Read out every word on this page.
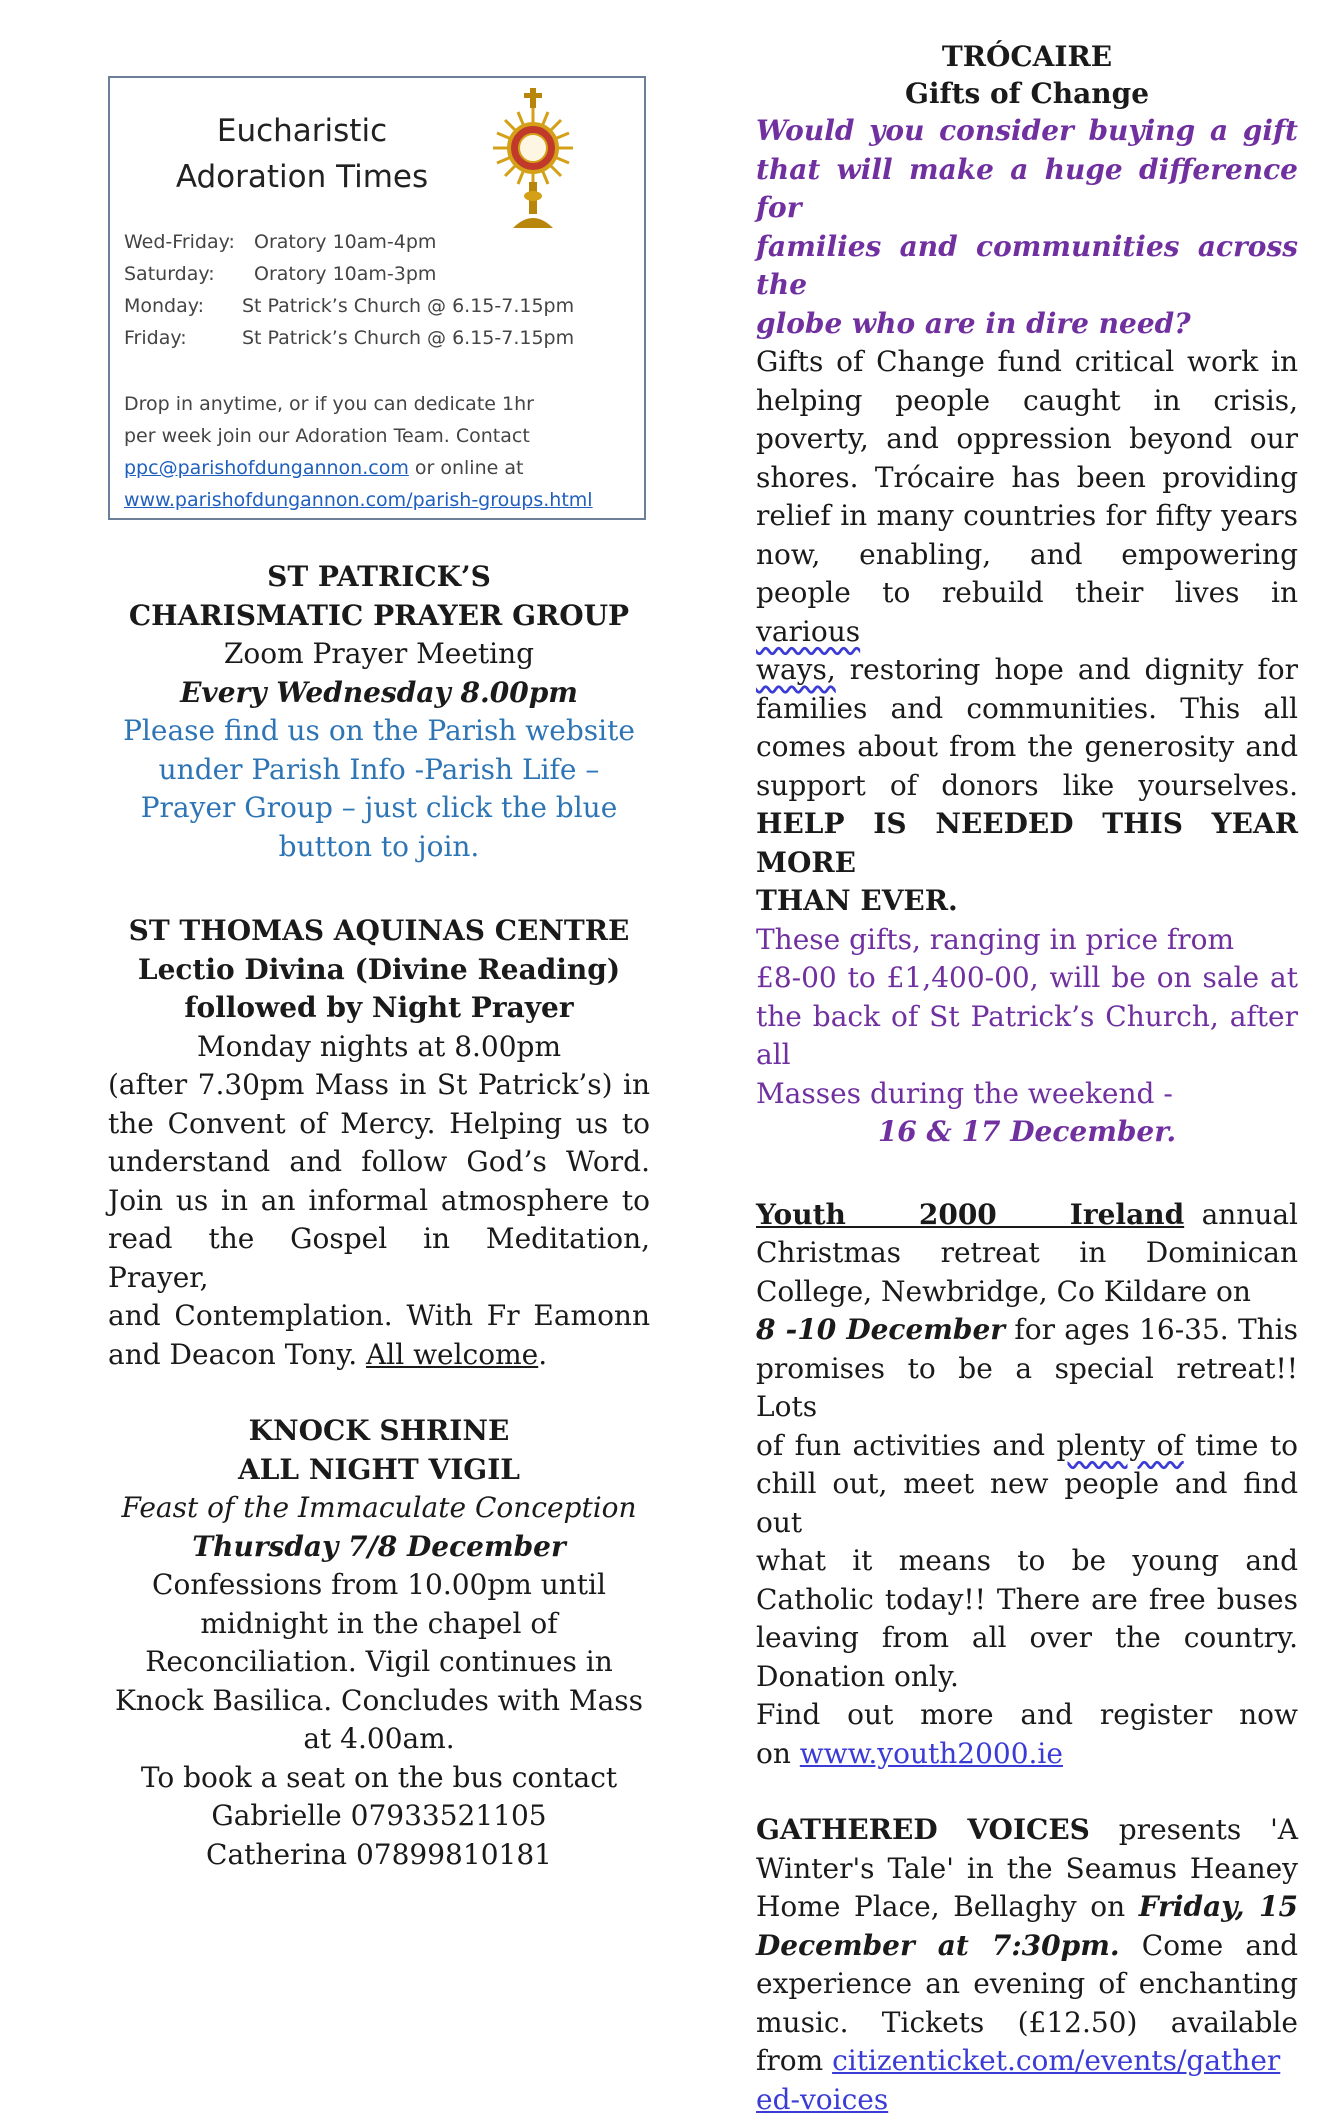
Eucharistic
Adoration Times
Wed-Friday:	Oratory 10am-4pm
Saturday:	Oratory 10am-3pm
Monday:	St Patrick’s Church @ 6.15-7.15pm
Friday:	St Patrick’s Church @ 6.15-7.15pm
Drop in anytime, or if you can dedicate 1hr
per week join our Adoration Team. Contact
ppc@parishofdungannon.com or online at
www.parishofdungannon.com/parish-groups.html
ST PATRICK’S
CHARISMATIC PRAYER GROUP
Zoom Prayer Meeting
Every Wednesday 8.00pm
Please find us on the Parish website
under Parish Info -Parish Life –
Prayer Group – just click the blue
button to join.
ST THOMAS AQUINAS CENTRE
Lectio Divina (Divine Reading)
followed by Night Prayer
Monday nights at 8.00pm
(after 7.30pm Mass in St Patrick’s) in
the Convent of Mercy. Helping us to
understand and follow God’s Word.
Join us in an informal atmosphere to
read the Gospel in Meditation, Prayer,
and Contemplation. With Fr Eamonn
and Deacon Tony. All welcome.
KNOCK SHRINE
ALL NIGHT VIGIL
Feast of the Immaculate Conception
Thursday 7/8 December
Confessions from 10.00pm until
midnight in the chapel of
Reconciliation. Vigil continues in
Knock Basilica. Concludes with Mass
at 4.00am.
To book a seat on the bus contact
Gabrielle 07933521105
Catherina 07899810181
TRÓCAIRE
Gifts of Change
Would you consider buying a gift
that will make a huge difference for
families and communities across the
globe who are in dire need?
Gifts of Change fund critical work in
helping people caught in crisis,
poverty, and oppression beyond our
shores. Trócaire has been providing
relief in many countries for fifty years
now, enabling, and empowering
people to rebuild their lives in various
ways, restoring hope and dignity for
families and communities. This all
comes about from the generosity and
support of donors like yourselves.
HELP IS NEEDED THIS YEAR MORE
THAN EVER.
These gifts, ranging in price from
£8-00 to £1,400-00, will be on sale at
the back of St Patrick’s Church, after all
Masses during the weekend -
16 & 17 December.
Youth    2000    Ireland annual
Christmas retreat in Dominican
College, Newbridge, Co Kildare on
8 -10 December for ages 16-35. This
promises to be a special retreat!! Lots
of fun activities and plenty of time to
chill out, meet new people and find out
what it means to be young and
Catholic today!! There are free buses
leaving from all over the country.
Donation only.
Find out more and register now
on www.youth2000.ie
GATHERED VOICES presents 'A
Winter's Tale' in the Seamus Heaney
Home Place, Bellaghy on Friday, 15
December at 7:30pm. Come and
experience an evening of enchanting
music. Tickets (£12.50) available
from citizenticket.com/events/gather
ed-voices
